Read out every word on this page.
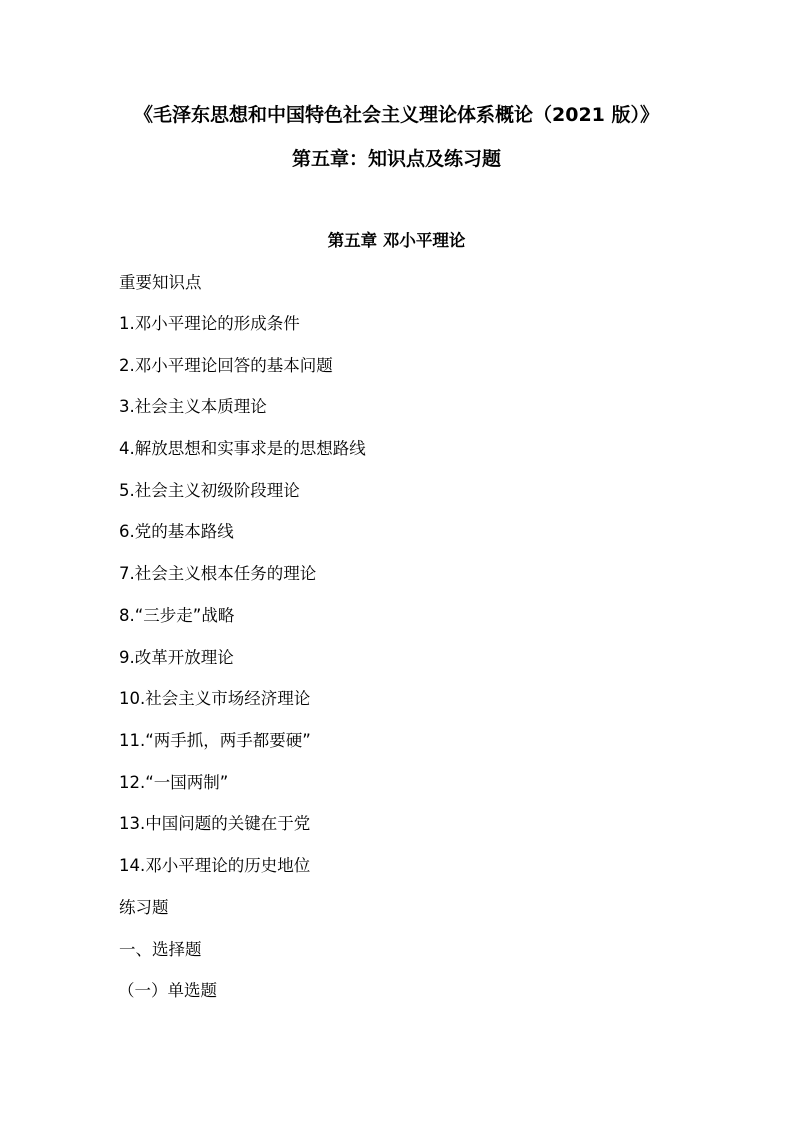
《毛泽东思想和中国特色社会主义理论体系概论（2021 版）》
第五章：知识点及练习题
第五章 邓小平理论
重要知识点
1.邓小平理论的形成条件
2.邓小平理论回答的基本问题
3.社会主义本质理论
4.解放思想和实事求是的思想路线
5.社会主义初级阶段理论
6.党的基本路线
7.社会主义根本任务的理论
8.“三步走”战略
9.改革开放理论
10.社会主义市场经济理论
11.“两手抓，两手都要硬”
12.“一国两制”
13.中国问题的关键在于党
14.邓小平理论的历史地位
练习题
一、选择题
（一）单选题
